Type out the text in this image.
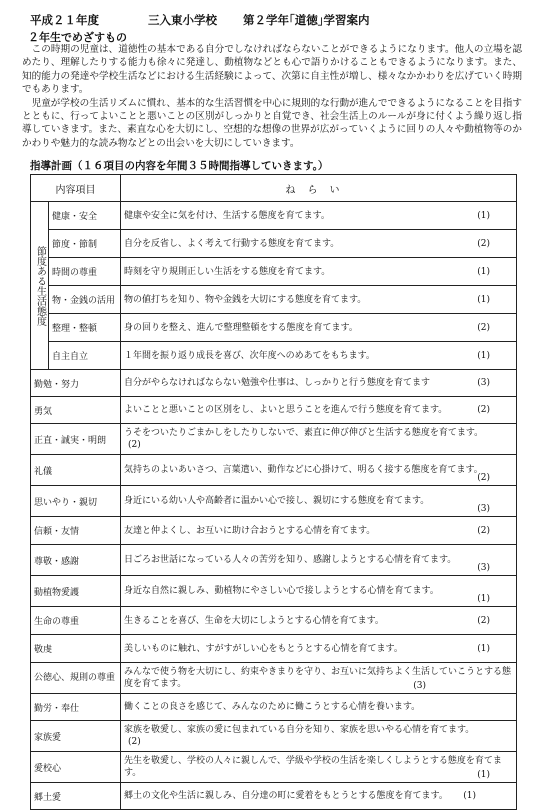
平成２１年度	三入東小学校 第２学年｢道徳｣学習案内
２年生でめざすもの

この時期の児童は、道徳性の基本である自分でしなければならないことができるようになります。他人の立場を認めたり、理解したりする能力も徐々に発達し、動植物などとも心で語りかけることもできるようになります。また、知的能力の発達や学校生活などにおける生活経験によって、次第に自主性が増し、様々なかかわりを広げていく時期でもあります。

児童が学校の生活リズムに慣れ、基本的な生活習慣を中心に規則的な行動が進んでできるようになることを目指すとともに、行ってよいことと悪いことの区別がしっかりと自覚でき、社会生活上のルールが身に付くよう繰り返し指導していきます。また、素直な心を大切にし、空想的な想像の世界が広がっていくように回りの人々や動植物等のかかわりや魅力的な読み物などとの出会いを大切にしていきます。

指導計画（１６項目の内容を年間３５時間指導していきます。）
内容項目		ねらい
節度ある生活態度	健康・安全	健康や安全に気を付け、生活する態度を育てます。 (1)

	節度・節制	自分を反省し、よく考えて行動する態度を育てます。 (2)

	時間の尊重	時刻を守り規則正しい生活をする態度を育てます。 (1)

	物・金銭の活用	物の値打ちを知り、物や金銭を大切にする態度を育てます。 (1)

	整理・整頓	身の回りを整え、進んで整理整頓をする態度を育てます。 (2)

	自主自立	１年間を振り返り成長を喜び、次年度へのめあてをもちます。 (1)

勤勉・努力		自分がやらなければならない勉強や仕事は、しっかりと行う態度を育てます (3)

勇気		よいことと悪いことの区別をし、よいと思うことを進んで行う態度を育てます。 (2)

正直・誠実・明朗		うそをついたりごまかしをしたりしないで、素直に伸び伸びと生活する態度を育てます。
(2)

礼儀		気持ちのよいあいさつ、言葉遣い、動作などに心掛けて、明るく接する態度を育てます。
(2)

思いやり・親切		身近にいる幼い人や高齢者に温かい心で接し、親切にする態度を育てます。
(3)

信頼・友情		友達と仲よくし、お互いに助け合おうとする心情を育てます。 (2)

尊敬・感謝		日ごろお世話になっている人々の苦労を知り、感謝しようとする心情を育てます。
(3)

動植物愛護		身近な自然に親しみ、動植物にやさしい心で接しようとする心情を育てます。
(1)

生命の尊重		生きることを喜び、生命を大切にしようとする心情を育てます。 (2)

敬虔		美しいものに触れ、すがすがしい心をもとうとする心情を育てます。 (1)

公徳心、規則の尊重		みんなで使う物を大切にし、約束やきまりを守り、お互いに気持ちよく生活していこうとする態度を育てます。 (3)

勤労・奉仕		働くことの良さを感じて、みんなのために働こうとする心情を養います。

家族愛		家族を敬愛し、家族の愛に包まれている自分を知り、家族を思いやる心情を育てます。
(2)

愛校心		先生を敬愛し、学校の人々に親しんで、学級や学校の生活を楽しくしようとする態度を育てます。 (1)

郷土愛		郷土の文化や生活に親しみ、自分達の町に愛着をもとうとする態度を育てます。 (1)
